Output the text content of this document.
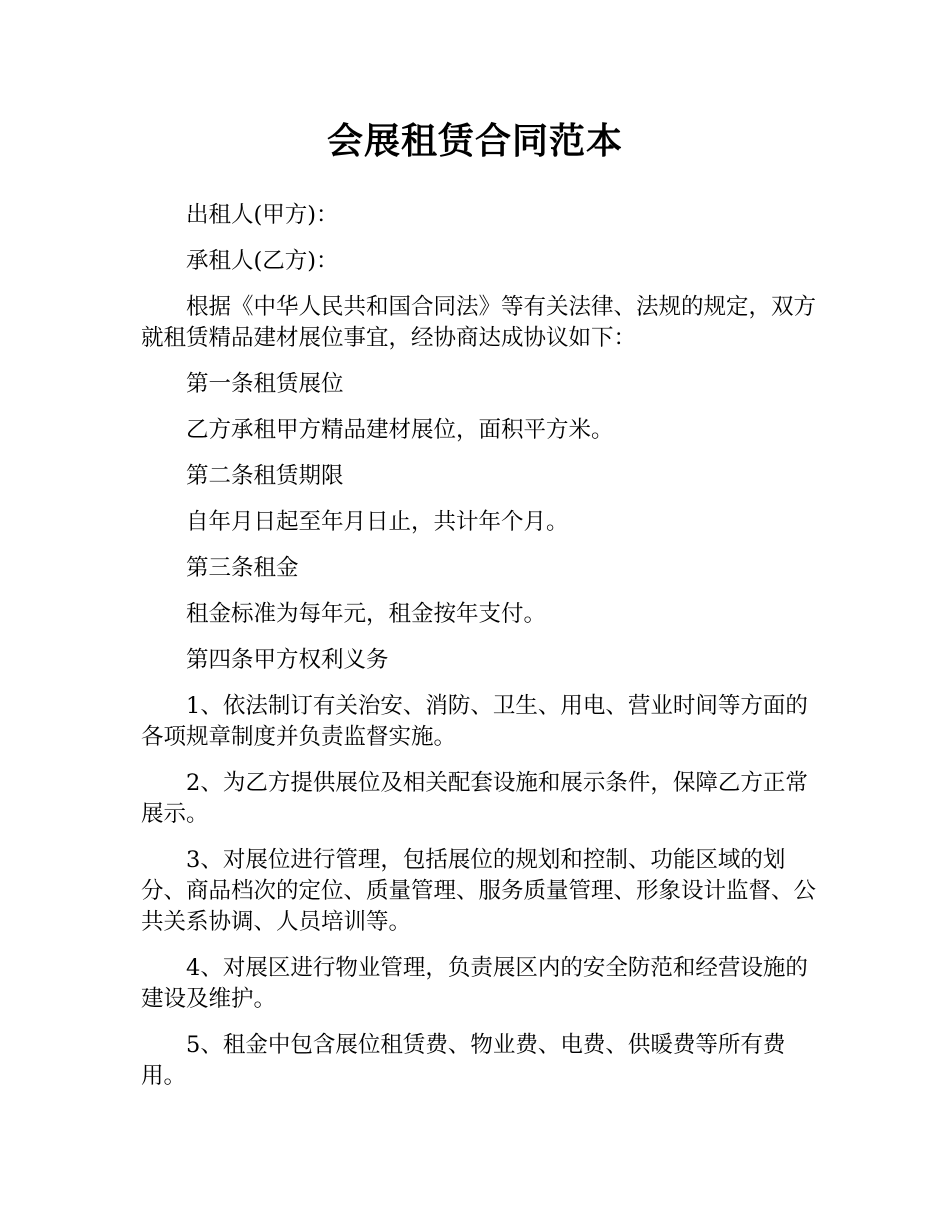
会展租赁合同范本

出租人(甲方)：

承租人(乙方)：

根据《中华人民共和国合同法》等有关法律、法规的规定，双方就租赁精品建材展位事宜，经协商达成协议如下：

第一条租赁展位

乙方承租甲方精品建材展位，面积平方米。

第二条租赁期限

自年月日起至年月日止，共计年个月。

第三条租金

租金标准为每年元，租金按年支付。

第四条甲方权利义务

1、依法制订有关治安、消防、卫生、用电、营业时间等方面的各项规章制度并负责监督实施。

2、为乙方提供展位及相关配套设施和展示条件，保障乙方正常展示。

3、对展位进行管理，包括展位的规划和控制、功能区域的划分、商品档次的定位、质量管理、服务质量管理、形象设计监督、公共关系协调、人员培训等。

4、对展区进行物业管理，负责展区内的安全防范和经营设施的建设及维护。

5、租金中包含展位租赁费、物业费、电费、供暖费等所有费用。
